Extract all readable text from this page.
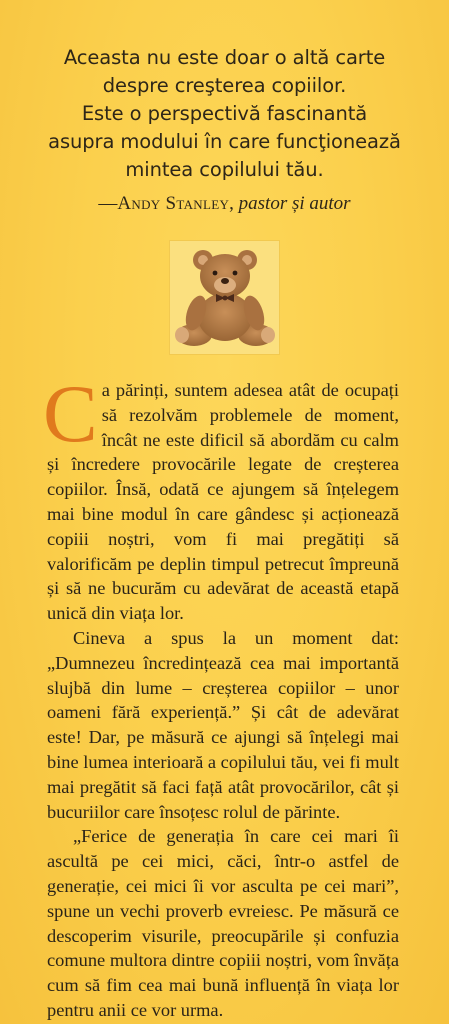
Aceasta nu este doar o altă carte
despre creşterea copiilor.
Este o perspectivă fascinantă
asupra modului în care funcţionează
mintea copilului tău.
—Andy Stanley, pastor și autor

Ca părinți, suntem adesea atât de ocupați să rezolvăm problemele de moment, încât ne este dificil să abordăm cu calm și încredere provocările legate de creșterea copiilor. Însă, odată ce ajungem să înțelegem mai bine modul în care gândesc și acționează copiii noștri, vom fi mai pregătiți să valorificăm pe deplin timpul petrecut împreună și să ne bucurăm cu adevărat de această etapă unică din viața lor.

Cineva a spus la un moment dat: „Dumnezeu încredințează cea mai importantă slujbă din lume – creșterea copiilor – unor oameni fără experiență.” Și cât de adevărat este! Dar, pe măsură ce ajungi să înțelegi mai bine lumea interioară a copilului tău, vei fi mult mai pregătit să faci față atât provocărilor, cât și bucuriilor care însoțesc rolul de părinte.

„Ferice de generația în care cei mari îi ascultă pe cei mici, căci, într-o astfel de generație, cei mici îi vor asculta pe cei mari”, spune un vechi proverb evreiesc. Pe măsură ce descoperim visurile, preocupările și confuzia comune multora dintre copiii noștri, vom învăța cum să fim cea mai bună influență în viața lor pentru anii ce vor urma.
